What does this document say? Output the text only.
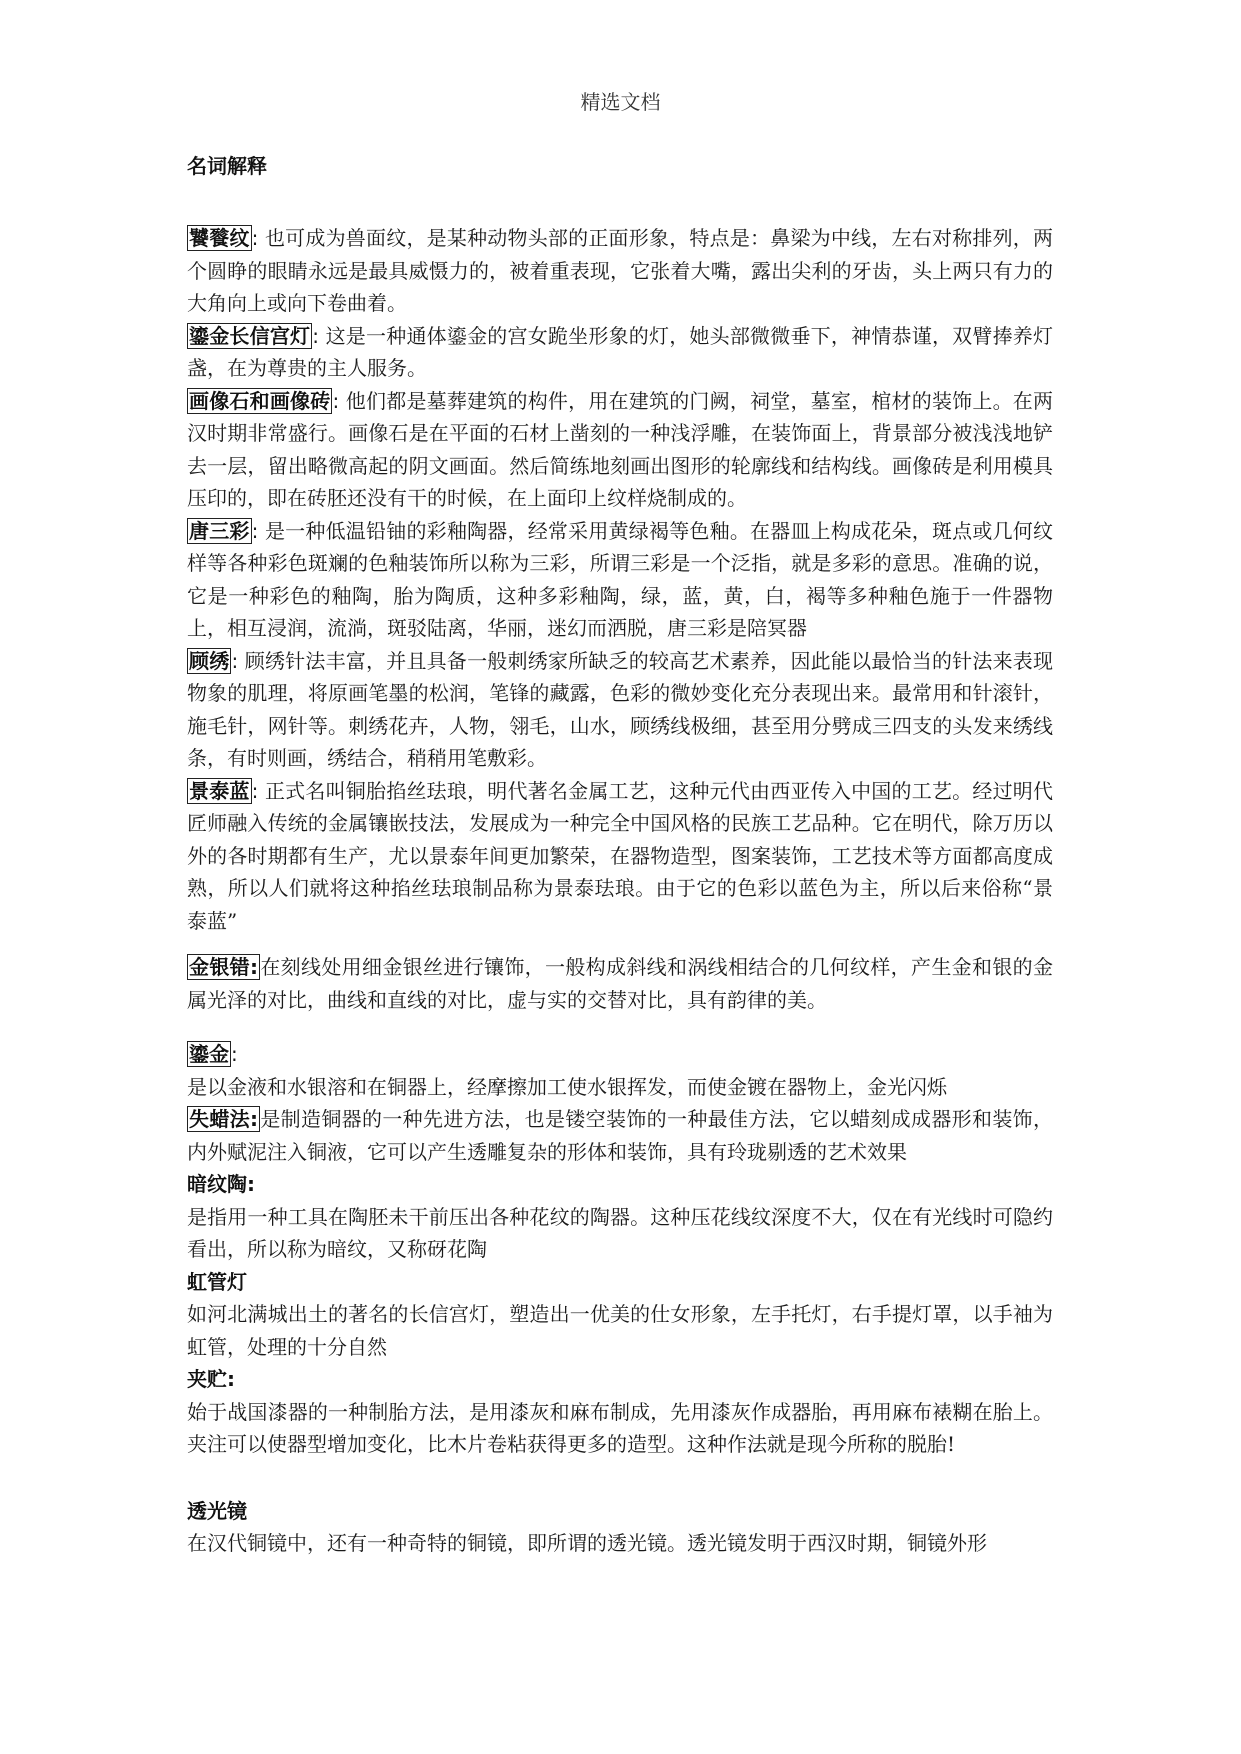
精选文档
名词解释

饕餮纹 : 也可成为兽面纹，是某种动物头部的正面形象，特点是：鼻梁为中线，左右对称排列，两个圆睁的眼睛永远是最具威慑力的，被着重表现，它张着大嘴，露出尖利的牙齿，头上两只有力的大角向上或向下卷曲着。

鎏金长信宫灯 : 这是一种通体鎏金的宫女跪坐形象的灯，她头部微微垂下，神情恭谨，双臂捧养灯盏，在为尊贵的主人服务。

画像石和画像砖 : 他们都是墓葬建筑的构件，用在建筑的门阙，祠堂，墓室，棺材的装饰上。在两汉时期非常盛行。画像石是在平面的石材上凿刻的一种浅浮雕，在装饰面上，背景部分被浅浅地铲去一层，留出略微高起的阴文画面。然后简练地刻画出图形的轮廓线和结构线。画像砖是利用模具压印的，即在砖胚还没有干的时候，在上面印上纹样烧制成的。

唐三彩 : 是一种低温铅铀的彩釉陶器，经常采用黄绿褐等色釉。在器皿上构成花朵，斑点或几何纹样等各种彩色斑斓的色釉装饰所以称为三彩，所谓三彩是一个泛指，就是多彩的意思。准确的说，它是一种彩色的釉陶，胎为陶质，这种多彩釉陶，绿，蓝，黄，白，褐等多种釉色施于一件器物上，相互浸润，流淌，斑驳陆离，华丽，迷幻而洒脱，唐三彩是陪冥器

顾绣 : 顾绣针法丰富，并且具备一般刺绣家所缺乏的较高艺术素养，因此能以最恰当的针法来表现物象的肌理，将原画笔墨的松润，笔锋的藏露，色彩的微妙变化充分表现出来。最常用和针滚针，施毛针，网针等。刺绣花卉，人物，翎毛，山水，顾绣线极细，甚至用分劈成三四支的头发来绣线条，有时则画，绣结合，稍稍用笔敷彩。

景泰蓝 : 正式名叫铜胎掐丝珐琅，明代著名金属工艺，这种元代由西亚传入中国的工艺。经过明代匠师融入传统的金属镶嵌技法，发展成为一种完全中国风格的民族工艺品种。它在明代，除万历以外的各时期都有生产，尤以景泰年间更加繁荣，在器物造型，图案装饰，工艺技术等方面都高度成熟，所以人们就将这种掐丝珐琅制品称为景泰珐琅。由于它的色彩以蓝色为主，所以后来俗称“景泰蓝”

金银错: 在刻线处用细金银丝进行镶饰，一般构成斜线和涡线相结合的几何纹样，产生金和银的金属光泽的对比，曲线和直线的对比，虚与实的交替对比，具有韵律的美。

鎏金 :
是以金液和水银溶和在铜器上，经摩擦加工使水银挥发，而使金镀在器物上，金光闪烁

失蜡法: 是制造铜器的一种先进方法，也是镂空装饰的一种最佳方法，它以蜡刻成成器形和装饰，内外赋泥注入铜液，它可以产生透雕复杂的形体和装饰，具有玲珑剔透的艺术效果

暗纹陶:

是指用一种工具在陶胚未干前压出各种花纹的陶器。这种压花线纹深度不大，仅在有光线时可隐约看出，所以称为暗纹，又称砑花陶

虹管灯

如河北满城出土的著名的长信宫灯，塑造出一优美的仕女形象，左手托灯，右手提灯罩，以手袖为虹管，处理的十分自然

夹贮:

始于战国漆器的一种制胎方法，是用漆灰和麻布制成，先用漆灰作成器胎，再用麻布裱糊在胎上。夹注可以使器型增加变化，比木片卷粘获得更多的造型。这种作法就是现今所称的脱胎!

透光镜

在汉代铜镜中，还有一种奇特的铜镜，即所谓的透光镜。透光镜发明于西汉时期，铜镜外形
